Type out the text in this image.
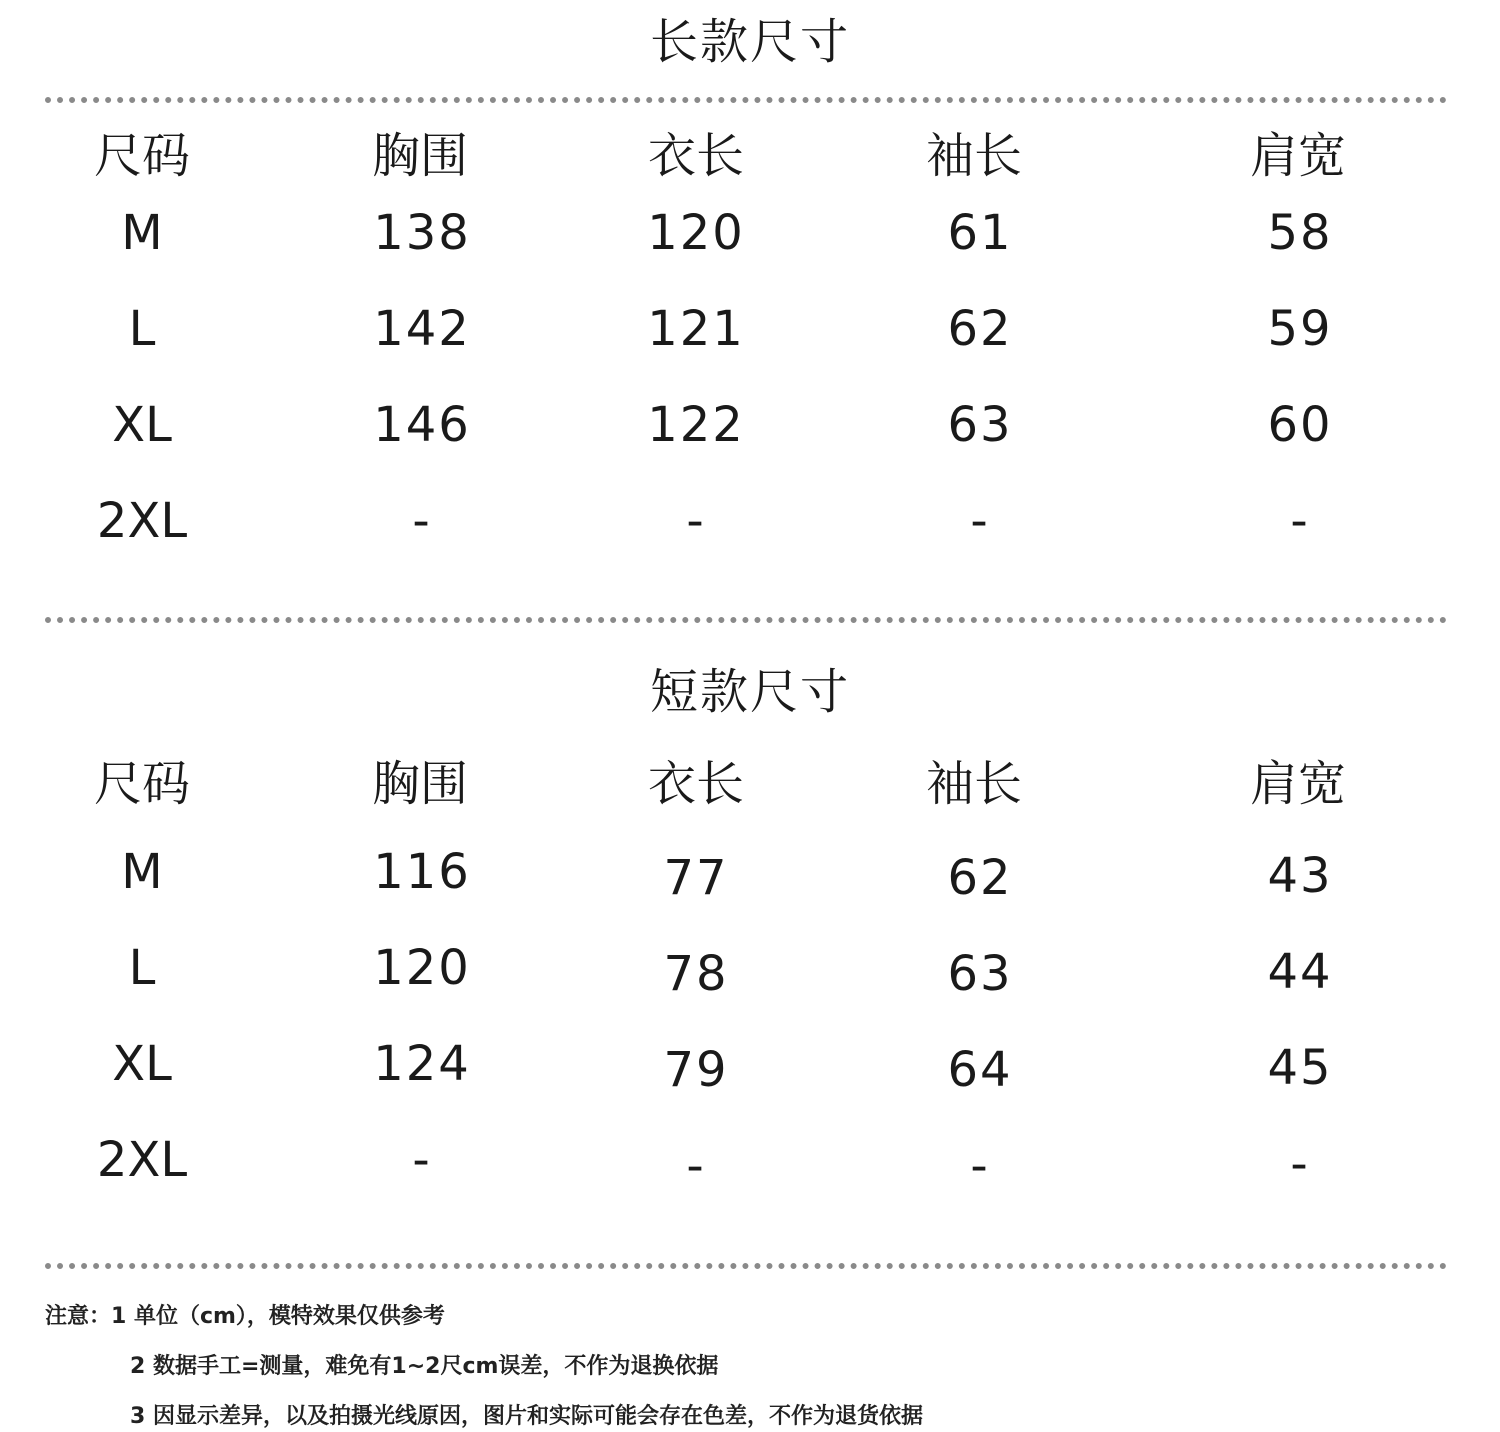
长款尺寸
尺码	胸围	衣长	袖长	肩宽
M	138	120	61	58
L	142	121	62	59
XL	146	122	63	60
2XL	-	-	-	-
短款尺寸
尺码	胸围	衣长	袖长	肩宽
M	116	77	62	43
L	120	78	63	44
XL	124	79	64	45
2XL	-	-	-	-
注意：1 单位（cm），模特效果仅供参考
2 数据手工=测量，难免有1~2尺cm误差，不作为退换依据
3 因显示差异，以及拍摄光线原因，图片和实际可能会存在色差，不作为退货依据
